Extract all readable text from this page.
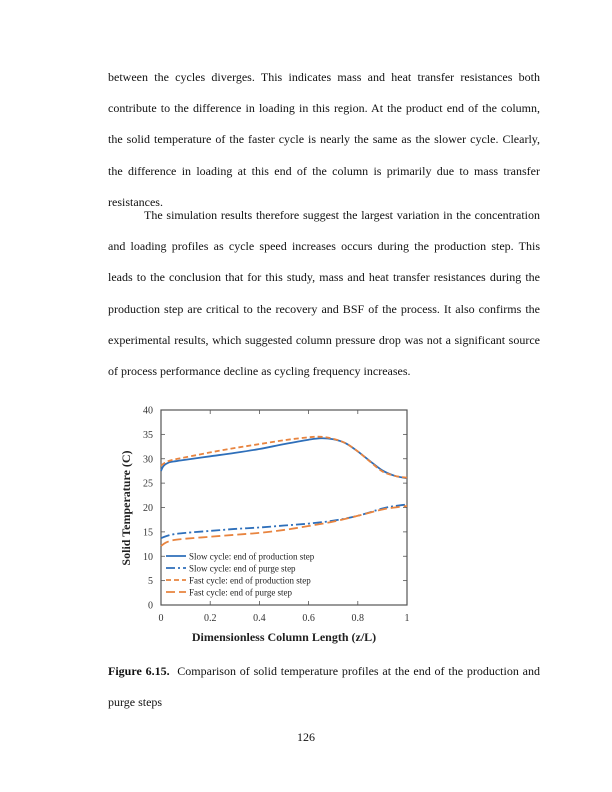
between the cycles diverges. This indicates mass and heat transfer resistances both contribute to the difference in loading in this region. At the product end of the column, the solid temperature of the faster cycle is nearly the same as the slower cycle. Clearly, the difference in loading at this end of the column is primarily due to mass transfer resistances.

The simulation results therefore suggest the largest variation in the concentration and loading profiles as cycle speed increases occurs during the production step. This leads to the conclusion that for this study, mass and heat transfer resistances during the production step are critical to the recovery and BSF of the process. It also confirms the experimental results, which suggested column pressure drop was not a significant source of process performance decline as cycling frequency increases.

0
5
10
15
20
25
30
35
40
0	0.2	0.4	0.6	0.8	1
Slow cycle: end of production step
Slow cycle: end of purge step
Fast cycle: end of production step
Fast cycle: end of purge step
Dimensionless Column Length (z/L)
Solid Temperature (C)

Figure 6.15. Comparison of solid temperature profiles at the end of the production and purge steps

126
